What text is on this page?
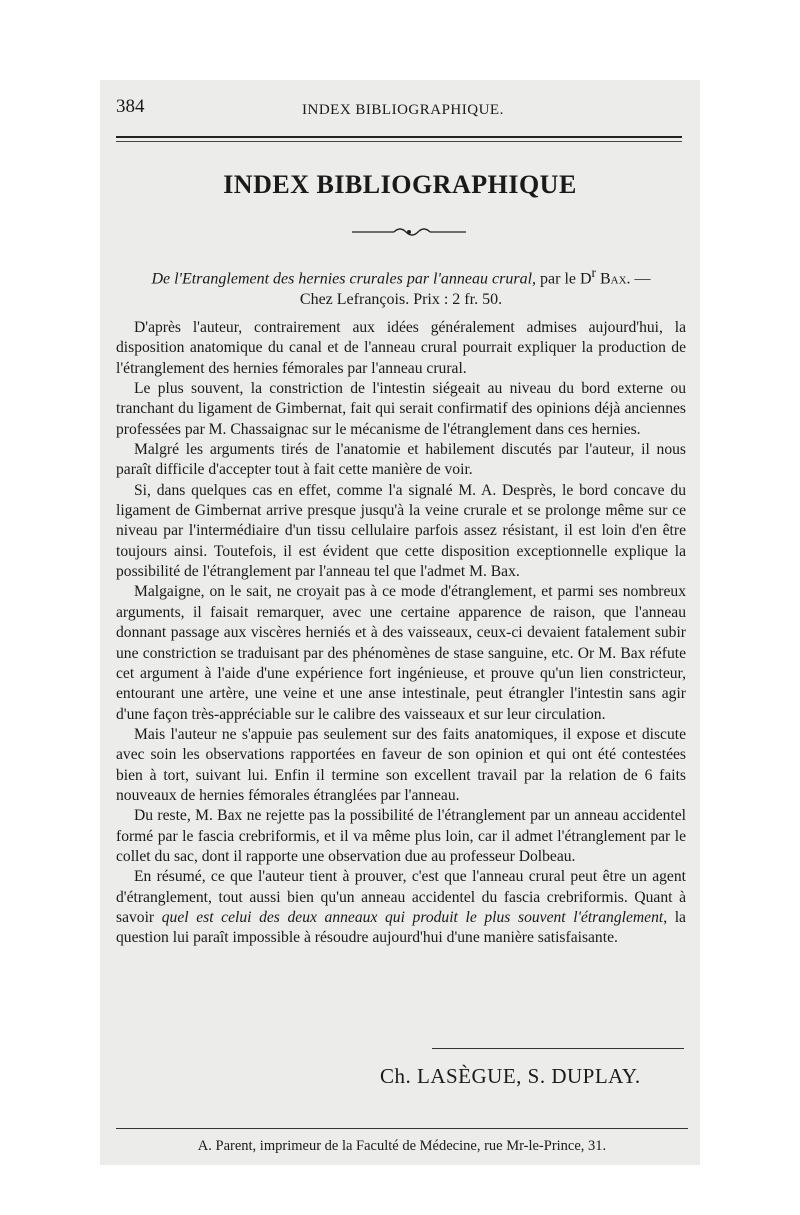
384	INDEX BIBLIOGRAPHIQUE.
INDEX BIBLIOGRAPHIQUE
De l'Etranglement des hernies crurales par l'anneau crural, par le $D^r$ Bax. —
Chez Lefrançois. Prix : 2 fr. 50.

D'après l'auteur, contrairement aux idées généralement admises aujourd'hui, la disposition anatomique du canal et de l'anneau crural pourrait expliquer la production de l'étranglement des hernies fémorales par l'anneau crural.

Le plus souvent, la constriction de l'intestin siégeait au niveau du bord externe ou tranchant du ligament de Gimbernat, fait qui serait confirmatif des opinions déjà anciennes professées par M. Chassaignac sur le mécanisme de l'étranglement dans ces hernies.

Malgré les arguments tirés de l'anatomie et habilement discutés par l'auteur, il nous paraît difficile d'accepter tout à fait cette manière de voir.

Si, dans quelques cas en effet, comme l'a signalé M. A. Desprès, le bord concave du ligament de Gimbernat arrive presque jusqu'à la veine crurale et se prolonge même sur ce niveau par l'intermédiaire d'un tissu cellulaire parfois assez résistant, il est loin d'en être toujours ainsi. Toutefois, il est évident que cette disposition exceptionnelle explique la possibilité de l'étranglement par l'anneau tel que l'admet M. Bax.

Malgaigne, on le sait, ne croyait pas à ce mode d'étranglement, et parmi ses nombreux arguments, il faisait remarquer, avec une certaine apparence de raison, que l'anneau donnant passage aux viscères herniés et à des vaisseaux, ceux-ci devaient fatalement subir une constriction se traduisant par des phénomènes de stase sanguine, etc. Or M. Bax réfute cet argument à l'aide d'une expérience fort ingénieuse, et prouve qu'un lien constricteur, entourant une artère, une veine et une anse intestinale, peut étrangler l'intestin sans agir d'une façon très-appréciable sur le calibre des vaisseaux et sur leur circulation.

Mais l'auteur ne s'appuie pas seulement sur des faits anatomiques, il expose et discute avec soin les observations rapportées en faveur de son opinion et qui ont été contestées bien à tort, suivant lui. Enfin il termine son excellent travail par la relation de 6 faits nouveaux de hernies fémorales étranglées par l'anneau.

Du reste, M. Bax ne rejette pas la possibilité de l'étranglement par un anneau accidentel formé par le fascia crebriformis, et il va même plus loin, car il admet l'étranglement par le collet du sac, dont il rapporte une observation due au professeur Dolbeau.

En résumé, ce que l'auteur tient à prouver, c'est que l'anneau crural peut être un agent d'étranglement, tout aussi bien qu'un anneau accidentel du fascia crebriformis. Quant à savoir quel est celui des deux anneaux qui produit le plus souvent l'étranglement, la question lui paraît impossible à résoudre aujourd'hui d'une manière satisfaisante.

Ch. LASÈGUE, S. DUPLAY.
A. Parent, imprimeur de la Faculté de Médecine, rue Mr-le-Prince, 31.
